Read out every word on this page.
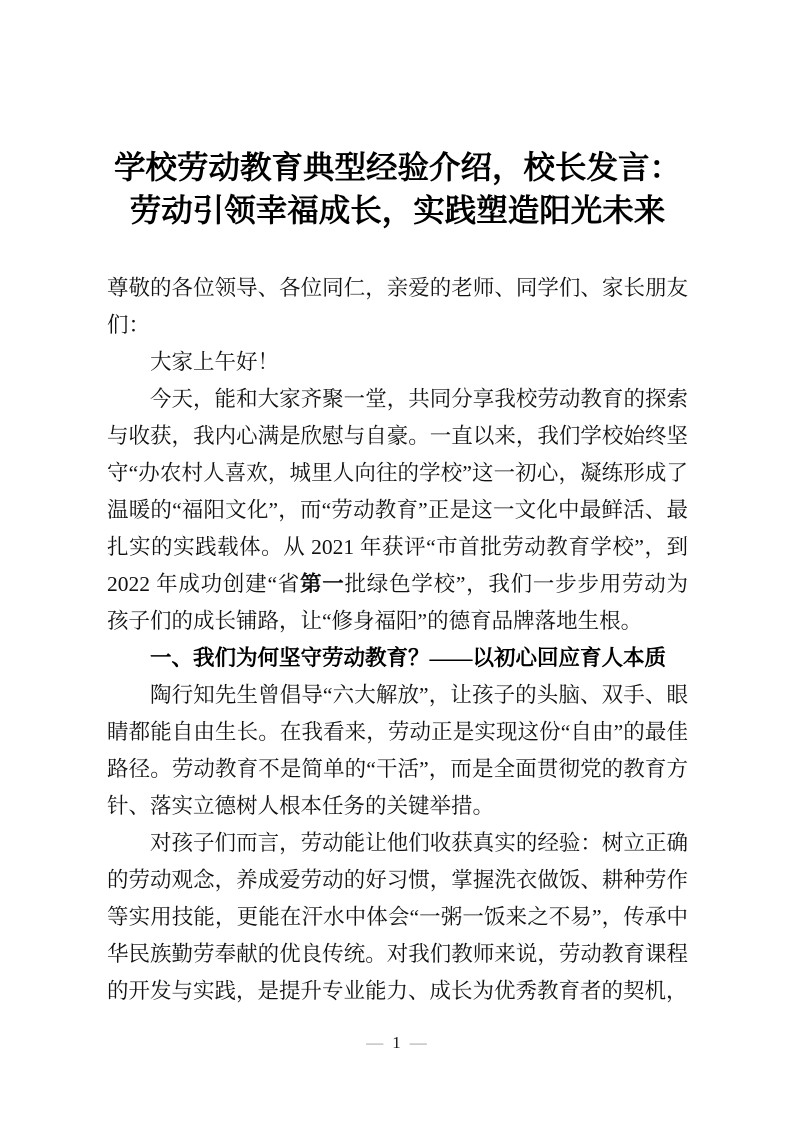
学校劳动教育典型经验介绍，校长发言：
劳动引领幸福成长，实践塑造阳光未来

尊敬的各位领导、各位同仁，亲爱的老师、同学们、家长朋友们：

大家上午好！

今天，能和大家齐聚一堂，共同分享我校劳动教育的探索与收获，我内心满是欣慰与自豪。一直以来，我们学校始终坚守“办农村人喜欢，城里人向往的学校”这一初心，凝练形成了温暖的“福阳文化”，而“劳动教育”正是这一文化中最鲜活、最扎实的实践载体。从 2021 年获评“市首批劳动教育学校”，到 2022 年成功创建“省第一批绿色学校”，我们一步步用劳动为孩子们的成长铺路，让“修身福阳”的德育品牌落地生根。

一、我们为何坚守劳动教育？——以初心回应育人本质

陶行知先生曾倡导“六大解放”，让孩子的头脑、双手、眼睛都能自由生长。在我看来，劳动正是实现这份“自由”的最佳路径。劳动教育不是简单的“干活”，而是全面贯彻党的教育方针、落实立德树人根本任务的关键举措。

对孩子们而言，劳动能让他们收获真实的经验：树立正确的劳动观念，养成爱劳动的好习惯，掌握洗衣做饭、耕种劳作等实用技能，更能在汗水中体会“一粥一饭来之不易”，传承中华民族勤劳奉献的优良传统。对我们教师来说，劳动教育课程的开发与实践，是提升专业能力、成长为优秀教育者的契机，

— 1 —
